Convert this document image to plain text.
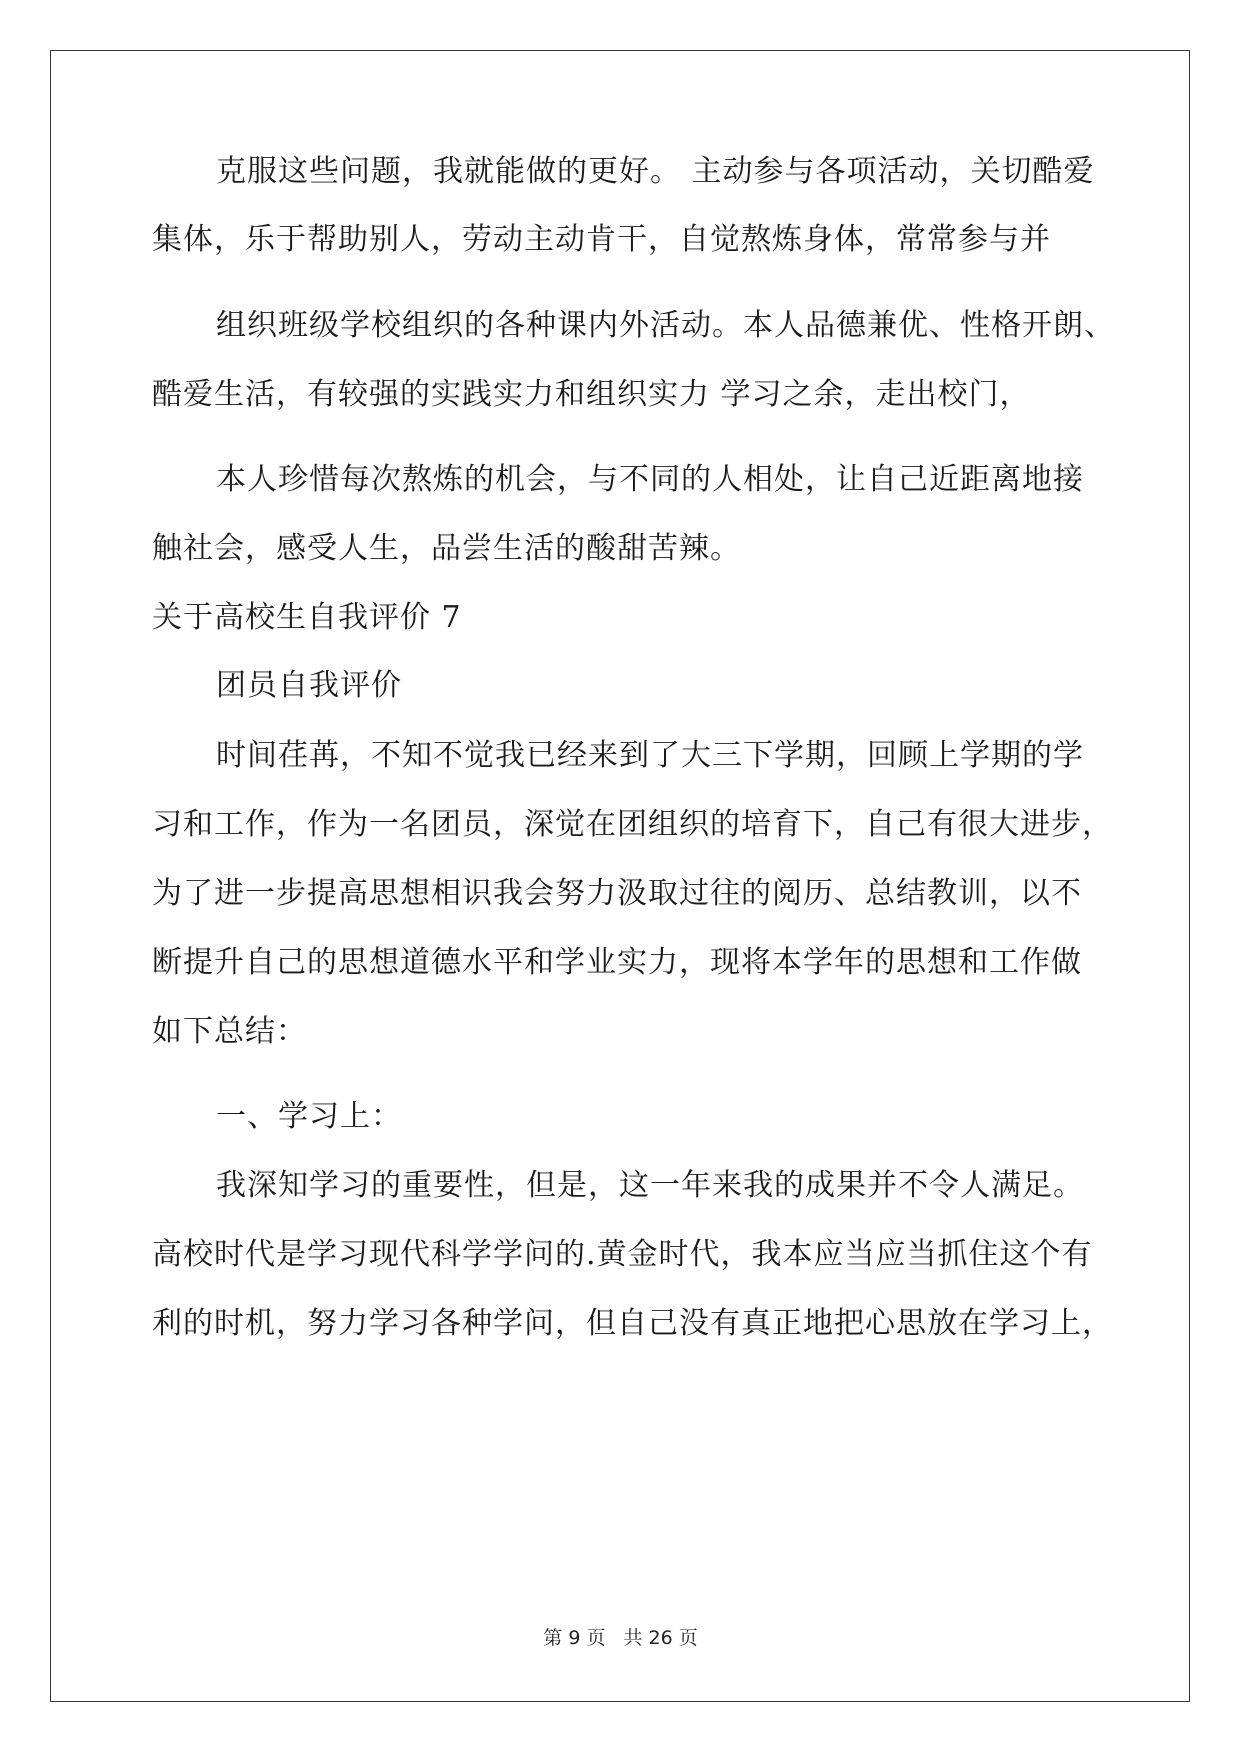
克服这些问题，我就能做的更好。 主动参与各项活动，关切酷爱
集体，乐于帮助别人，劳动主动肯干，自觉熬炼身体，常常参与并
组织班级学校组织的各种课内外活动。本人品德兼优、性格开朗、
酷爱生活，有较强的实践实力和组织实力 学习之余，走出校门，
本人珍惜每次熬炼的机会，与不同的人相处，让自己近距离地接
触社会，感受人生，品尝生活的酸甜苦辣。
关于高校生自我评价 7
团员自我评价
时间荏苒，不知不觉我已经来到了大三下学期，回顾上学期的学
习和工作，作为一名团员，深觉在团组织的培育下，自己有很大进步，
为了进一步提高思想相识我会努力汲取过往的阅历、总结教训，以不
断提升自己的思想道德水平和学业实力，现将本学年的思想和工作做
如下总结：
一、学习上：
我深知学习的重要性，但是，这一年来我的成果并不令人满足。
高校时代是学习现代科学学问的.黄金时代，我本应当应当抓住这个有
利的时机，努力学习各种学问，但自己没有真正地把心思放在学习上，
第 9 页 共 26 页
